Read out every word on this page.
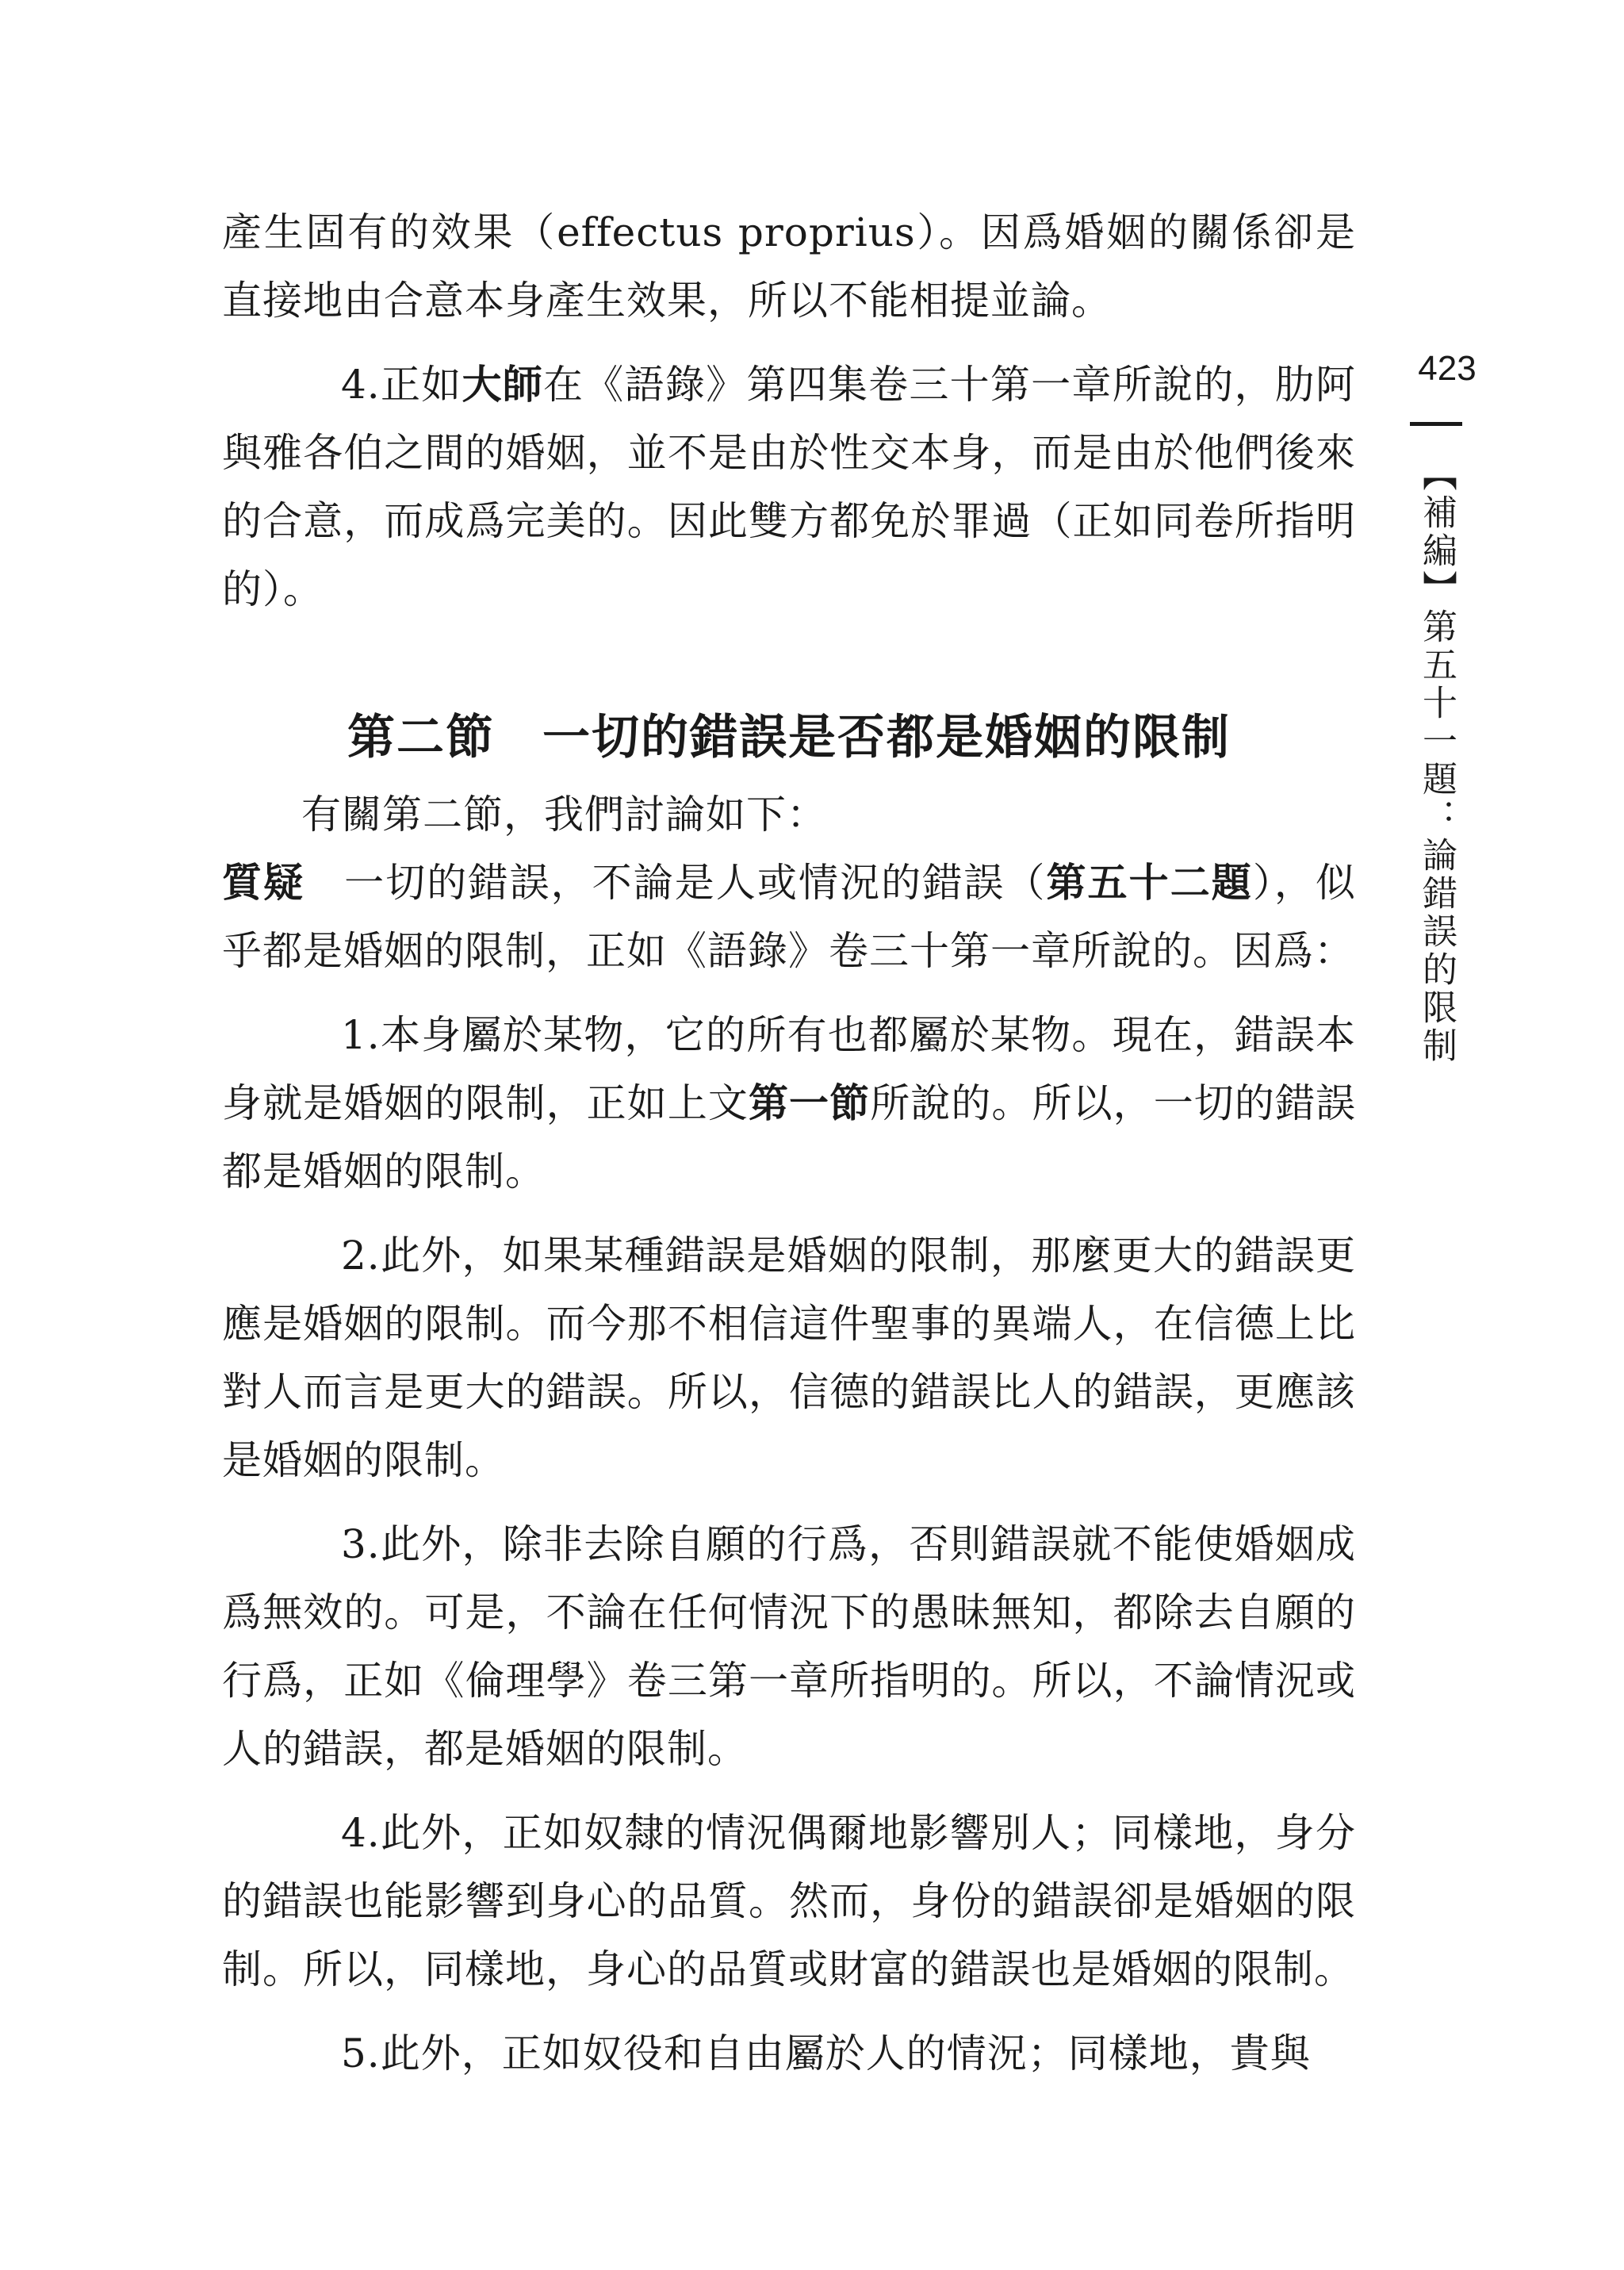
423
【補編】第五十一題：論錯誤的限制

產生固有的效果（effectus proprius）。因爲婚姻的關係卻是直接地由合意本身產生效果，所以不能相提並論。

4.正如大師在《語錄》第四集卷三十第一章所說的，肋阿與雅各伯之間的婚姻，並不是由於性交本身，而是由於他們後來的合意，而成爲完美的。因此雙方都免於罪過（正如同卷所指明的）。

第二節 一切的錯誤是否都是婚姻的限制

有關第二節，我們討論如下：

質疑 一切的錯誤，不論是人或情況的錯誤（第五十二題），似乎都是婚姻的限制，正如《語錄》卷三十第一章所說的。因爲：

1.本身屬於某物，它的所有也都屬於某物。現在，錯誤本身就是婚姻的限制，正如上文第一節所說的。所以，一切的錯誤都是婚姻的限制。

2.此外，如果某種錯誤是婚姻的限制，那麼更大的錯誤更應是婚姻的限制。而今那不相信這件聖事的異端人，在信德上比對人而言是更大的錯誤。所以，信德的錯誤比人的錯誤，更應該是婚姻的限制。

3.此外，除非去除自願的行爲，否則錯誤就不能使婚姻成爲無效的。可是，不論在任何情況下的愚昧無知，都除去自願的行爲，正如《倫理學》卷三第一章所指明的。所以，不論情況或人的錯誤，都是婚姻的限制。

4.此外，正如奴隸的情況偶爾地影響別人；同樣地，身分的錯誤也能影響到身心的品質。然而，身份的錯誤卻是婚姻的限制。所以，同樣地，身心的品質或財富的錯誤也是婚姻的限制。

5.此外，正如奴役和自由屬於人的情況；同樣地，貴與
